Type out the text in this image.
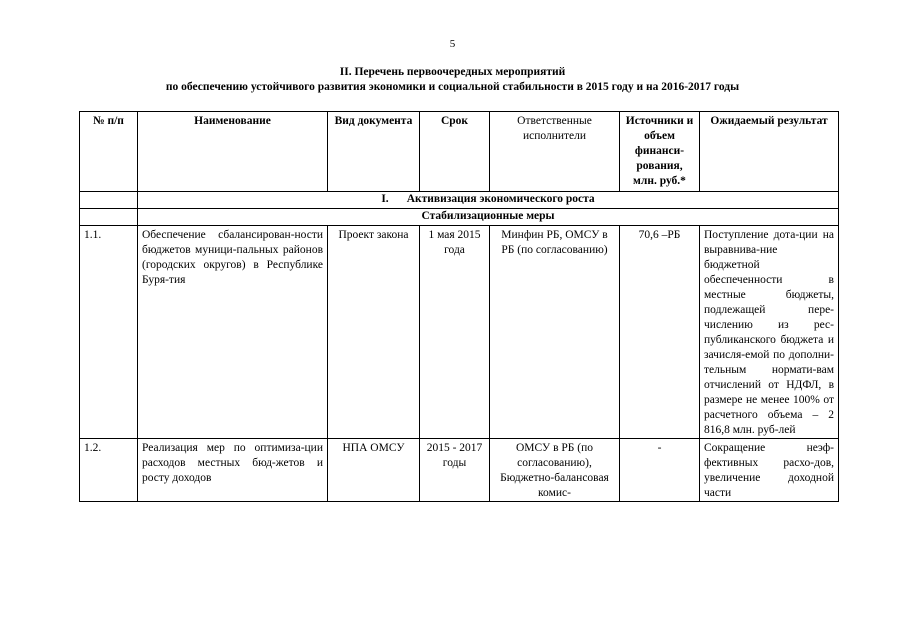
5
II. Перечень первоочередных мероприятий
по обеспечению устойчивого развития экономики и социальной стабильности в 2015 году и на 2016-2017 годы
№ п/п	Наименование	Вид документа	Срок	Ответственные исполнители	Источники и объем финанси-рования, млн. руб.*	Ожидаемый результат
	I. Активизация экономического роста					
	Стабилизационные меры					
1.1.	Обеспечение сбалансирован-ности бюджетов муници-пальных районов (городских округов) в Республике Буря-тия	Проект закона	1 мая 2015 года	Минфин РБ, ОМСУ в РБ (по согласованию)	70,6 –РБ	Поступление дота-ции на выравнива-ние бюджетной обеспеченности в местные бюджеты, подлежащей пере-числению из рес-публиканского бюджета и зачисля-емой по дополни-тельным нормати-вам отчислений от НДФЛ, в размере не менее 100% от расчетного объема – 2 816,8 млн. руб-лей
1.2.	Реализация мер по оптимиза-ции расходов местных бюд-жетов и росту доходов	НПА ОМСУ	2015 - 2017 годы	ОМСУ в РБ (по согласованию), Бюджетно-балансовая комис-	-	Сокращение неэф-фективных расхо-дов, увеличение доходной части
